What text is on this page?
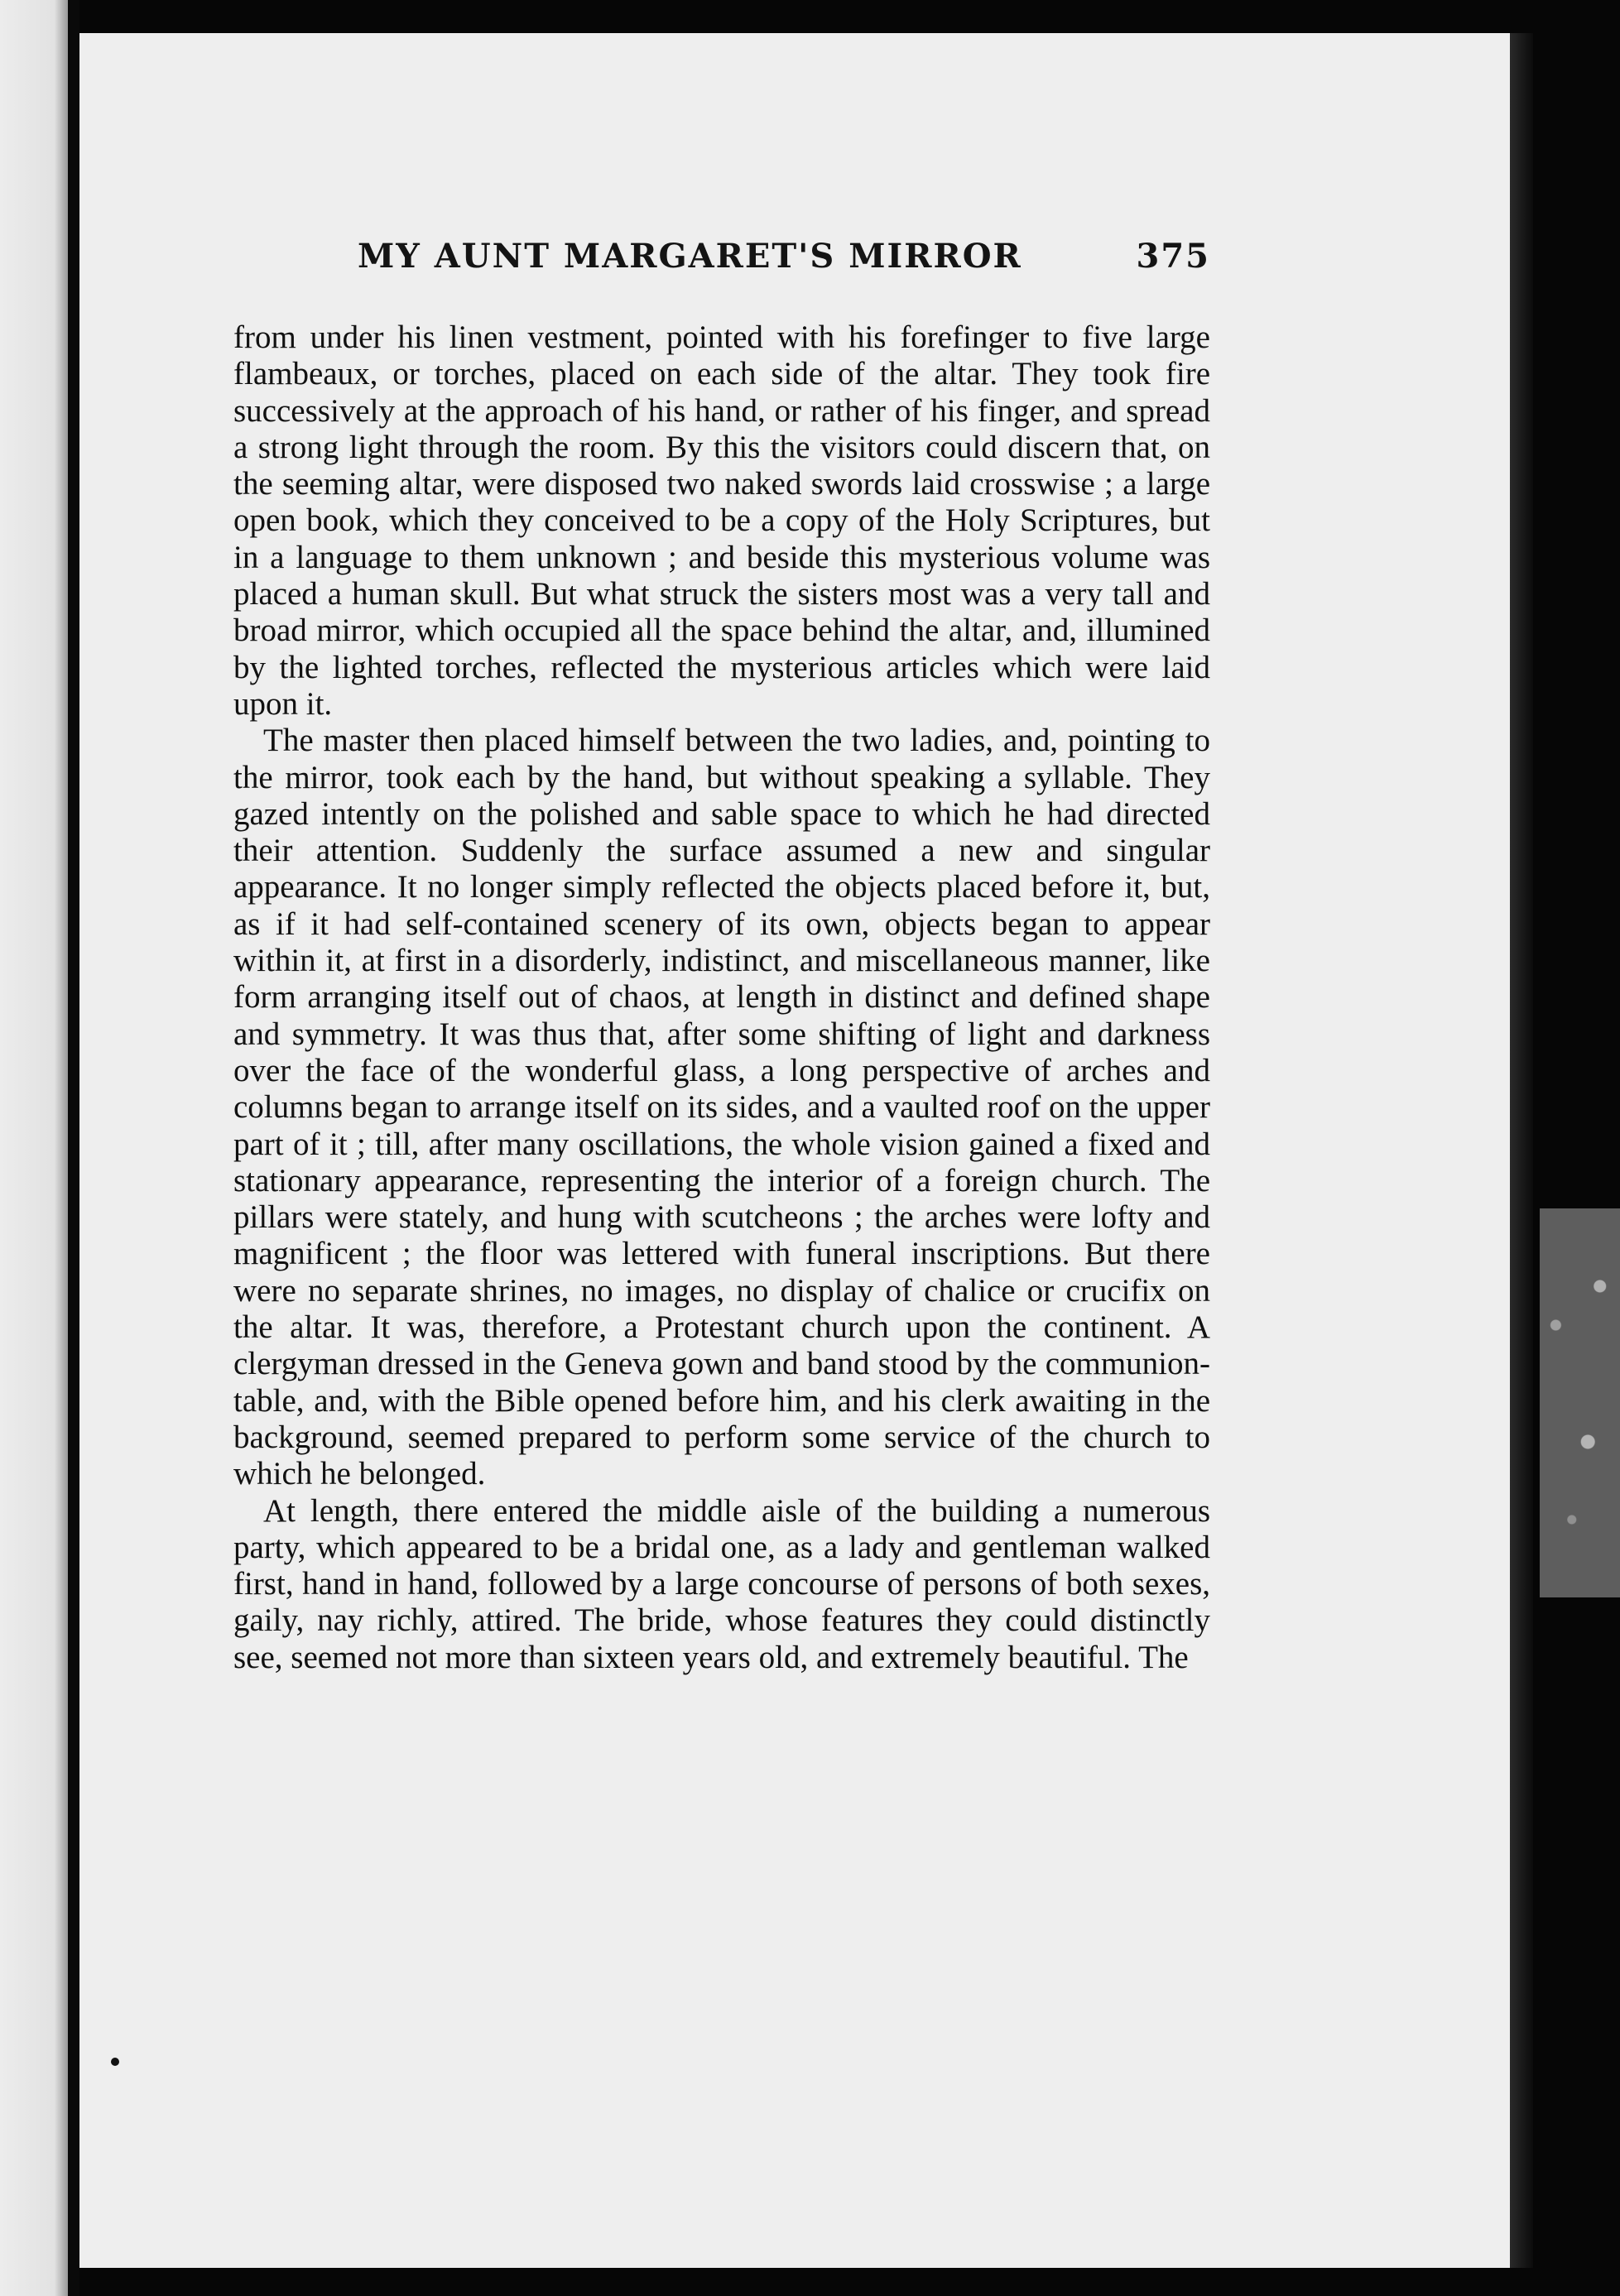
MY AUNT MARGARET'S MIRROR	375

from under his linen vestment, pointed with his forefinger to five large flambeaux, or torches, placed on each side of the altar. They took fire successively at the approach of his hand, or rather of his finger, and spread a strong light through the room. By this the visitors could discern that, on the seeming altar, were disposed two naked swords laid crosswise ; a large open book, which they conceived to be a copy of the Holy Scriptures, but in a language to them unknown ; and beside this mysterious volume was placed a human skull. But what struck the sisters most was a very tall and broad mirror, which occupied all the space behind the altar, and, illumined by the lighted torches, reflected the mysterious articles which were laid upon it.

The master then placed himself between the two ladies, and, pointing to the mirror, took each by the hand, but without speaking a syllable. They gazed intently on the polished and sable space to which he had directed their attention. Suddenly the surface assumed a new and singular appearance. It no longer simply reflected the objects placed before it, but, as if it had self-contained scenery of its own, objects began to appear within it, at first in a disorderly, indistinct, and miscellaneous manner, like form arranging itself out of chaos, at length in distinct and defined shape and symmetry. It was thus that, after some shifting of light and darkness over the face of the wonderful glass, a long perspective of arches and columns began to arrange itself on its sides, and a vaulted roof on the upper part of it ; till, after many oscillations, the whole vision gained a fixed and stationary appearance, representing the interior of a foreign church. The pillars were stately, and hung with scutcheons ; the arches were lofty and magnificent ; the floor was lettered with funeral inscriptions. But there were no separate shrines, no images, no display of chalice or crucifix on the altar. It was, therefore, a Protestant church upon the continent. A clergyman dressed in the Geneva gown and band stood by the communion-table, and, with the Bible opened before him, and his clerk awaiting in the background, seemed prepared to perform some service of the church to which he belonged.

At length, there entered the middle aisle of the building a numerous party, which appeared to be a bridal one, as a lady and gentleman walked first, hand in hand, followed by a large concourse of persons of both sexes, gaily, nay richly, attired. The bride, whose features they could distinctly see, seemed not more than sixteen years old, and extremely beautiful. The
